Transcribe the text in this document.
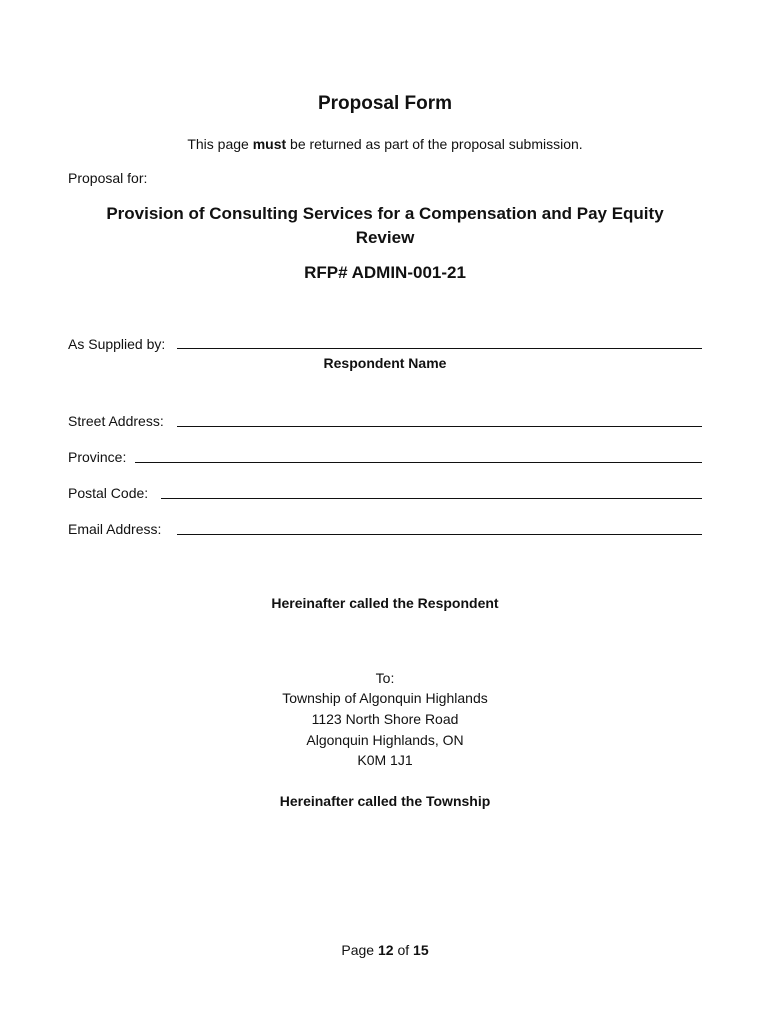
Proposal Form
This page must be returned as part of the proposal submission.
Proposal for:
Provision of Consulting Services for a Compensation and Pay Equity Review
RFP# ADMIN-001-21
As Supplied by:
Respondent Name
Street Address:
Province:
Postal Code:
Email Address:
Hereinafter called the Respondent
To:
Township of Algonquin Highlands
1123 North Shore Road
Algonquin Highlands, ON
K0M 1J1
Hereinafter called the Township
Page 12 of 15
